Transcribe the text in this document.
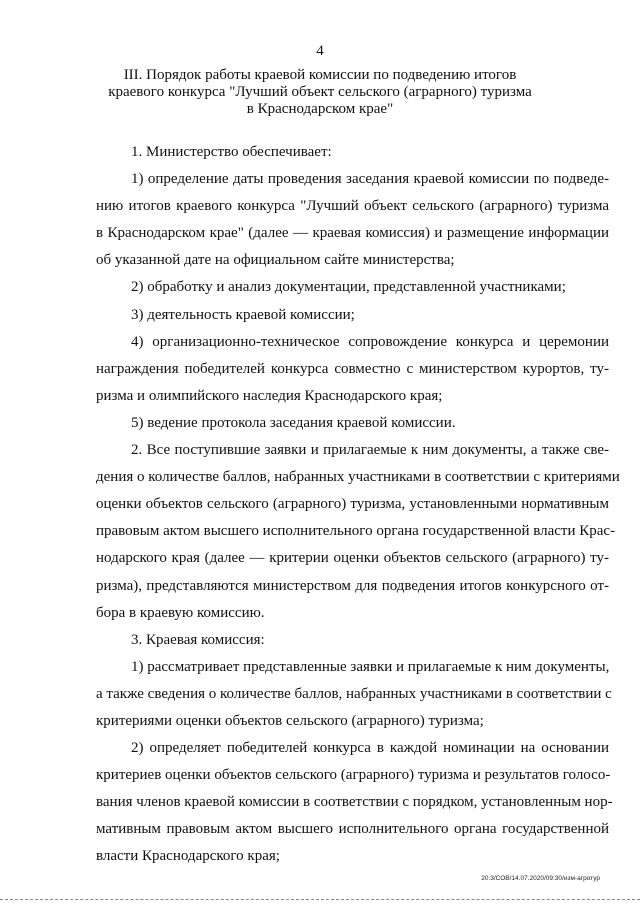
4
III. Порядок работы краевой комиссии по подведению итогов
краевого конкурса "Лучший объект сельского (аграрного) туризма
в Краснодарском крае"
1. Министерство обеспечивает:
1) определение даты проведения заседания краевой комиссии по подведе-
нию итогов краевого конкурса "Лучший объект сельского (аграрного) туризма
в Краснодарском крае" (далее — краевая комиссия) и размещение информации
об указанной дате на официальном сайте министерства;
2) обработку и анализ документации, представленной участниками;
3) деятельность краевой комиссии;
4) организационно-техническое сопровождение конкурса и церемонии
награждения победителей конкурса совместно с министерством курортов, ту-
ризма и олимпийского наследия Краснодарского края;
5) ведение протокола заседания краевой комиссии.
2. Все поступившие заявки и прилагаемые к ним документы, а также све-
дения о количестве баллов, набранных участниками в соответствии с критериями
оценки объектов сельского (аграрного) туризма, установленными нормативным
правовым актом высшего исполнительного органа государственной власти Крас-
нодарского края (далее — критерии оценки объектов сельского (аграрного) ту-
ризма), представляются министерством для подведения итогов конкурсного от-
бора в краевую комиссию.
3. Краевая комиссия:
1) рассматривает представленные заявки и прилагаемые к ним документы,
а также сведения о количестве баллов, набранных участниками в соответствии с
критериями оценки объектов сельского (аграрного) туризма;
2) определяет победителей конкурса в каждой номинации на основании
критериев оценки объектов сельского (аграрного) туризма и результатов голосо-
вания членов краевой комиссии в соответствии с порядком, установленным нор-
мативным правовым актом высшего исполнительного органа государственной
власти Краснодарского края;
20.3/СОВ/14.07.2020/09:30/изм-агротур
